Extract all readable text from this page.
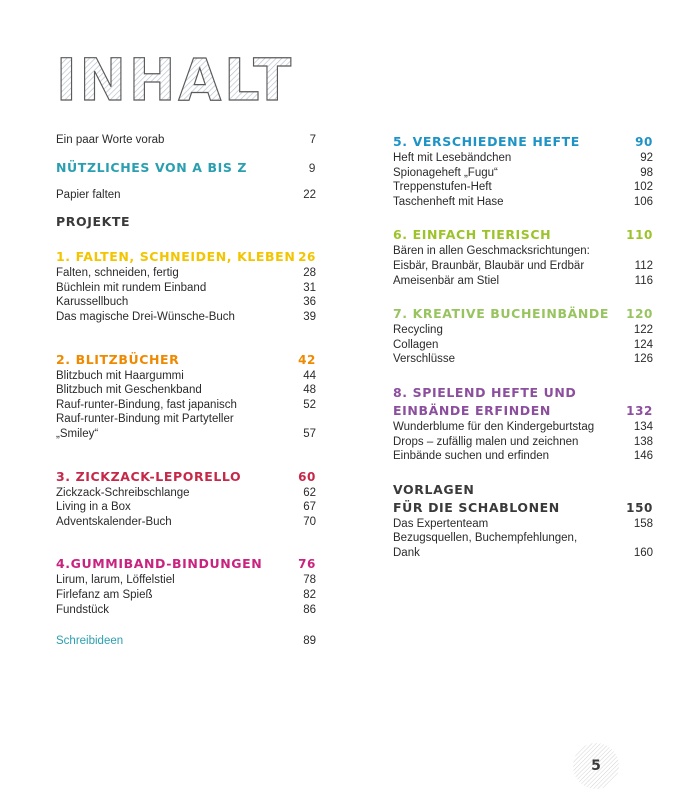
INHALT
Ein paar Worte vorab	7
NÜTZLICHES VON A BIS Z	9
Papier falten	22
PROJEKTE
1. FALTEN, SCHNEIDEN, KLEBEN 26
Falten, schneiden, fertig	28
Büchlein mit rundem Einband	31
Karussellbuch	36
Das magische Drei-Wünsche-Buch	39
2. BLITZBÜCHER	42
Blitzbuch mit Haargummi	44
Blitzbuch mit Geschenkband	48
Rauf-runter-Bindung, fast japanisch	52
Rauf-runter-Bindung mit Partyteller
„Smiley“	57
3. ZICKZACK-LEPORELLO	60
Zickzack-Schreibschlange	62
Living in a Box	67
Adventskalender-Buch	70
4.GUMMIBAND-BINDUNGEN	76
Lirum, larum, Löffelstiel	78
Firlefanz am Spieß	82
Fundstück	86
Schreibideen	89
5. VERSCHIEDENE HEFTE	90
Heft mit Lesebändchen	92
Spionageheft „Fugu“	98
Treppenstufen-Heft	102
Taschenheft mit Hase	106
6. EINFACH TIERISCH	110
Bären in allen Geschmacksrichtungen:
Eisbär, Braunbär, Blaubär und Erdbär	112
Ameisenbär am Stiel	116
7. KREATIVE BUCHEINBÄNDE 120
Recycling	122
Collagen	124
Verschlüsse	126
8. SPIELEND HEFTE UND
EINBÄNDE ERFINDEN	132
Wunderblume für den Kindergeburtstag	134
Drops – zufällig malen und zeichnen	138
Einbände suchen und erfinden	146
VORLAGEN
FÜR DIE SCHABLONEN	150
Das Expertenteam	158
Bezugsquellen, Buchempfehlungen,
Dank	160
5
